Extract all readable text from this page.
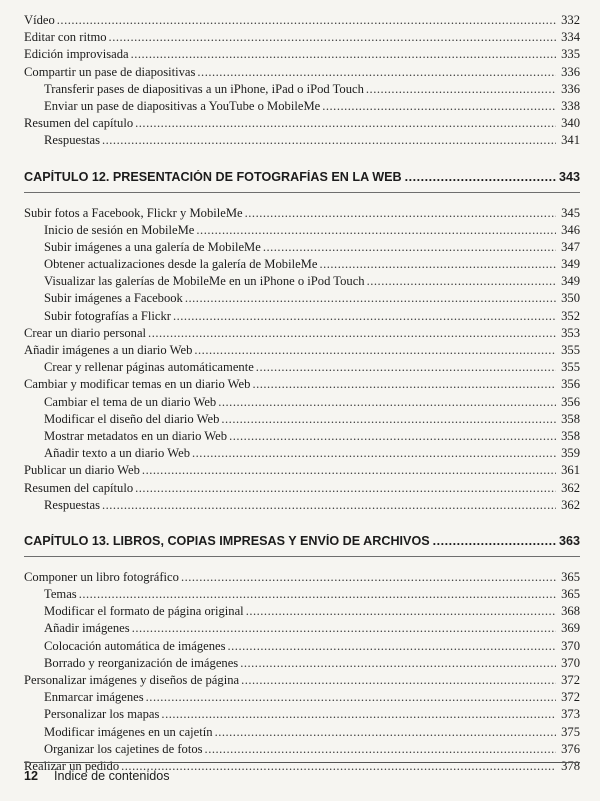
Vídeo .....	332
Editar con ritmo .....	334
Edición improvisada .....	335
Compartir un pase de diapositivas .....	336
Transferir pases de diapositivas a un iPhone, iPad o iPod Touch .....	336
Enviar un pase de diapositivas a YouTube o MobileMe .....	338
Resumen del capítulo .....	340
Respuestas .....	341
CAPÍTULO 12. PRESENTACIÓN DE FOTOGRAFÍAS EN LA WEB .....	343
Subir fotos a Facebook, Flickr y MobileMe .....	345
Inicio de sesión en MobileMe .....	346
Subir imágenes a una galería de MobileMe .....	347
Obtener actualizaciones desde la galería de MobileMe .....	349
Visualizar las galerías de MobileMe en un iPhone o iPod Touch .....	349
Subir imágenes a Facebook .....	350
Subir fotografías a Flickr .....	352
Crear un diario personal .....	353
Añadir imágenes a un diario Web .....	355
Crear y rellenar páginas automáticamente .....	355
Cambiar y modificar temas en un diario Web .....	356
Cambiar el tema de un diario Web .....	356
Modificar el diseño del diario Web .....	358
Mostrar metadatos en un diario Web .....	358
Añadir texto a un diario Web .....	359
Publicar un diario Web .....	361
Resumen del capítulo .....	362
Respuestas .....	362
CAPÍTULO 13. LIBROS, COPIAS IMPRESAS Y ENVÍO DE ARCHIVOS .....	363
Componer un libro fotográfico .....	365
Temas .....	365
Modificar el formato de página original .....	368
Añadir imágenes .....	369
Colocación automática de imágenes .....	370
Borrado y reorganización de imágenes .....	370
Personalizar imágenes y diseños de página .....	372
Enmarcar imágenes .....	372
Personalizar los mapas .....	373
Modificar imágenes en un cajetín .....	375
Organizar los cajetines de fotos .....	376
Realizar un pedido .....	378
12 Índice de contenidos
